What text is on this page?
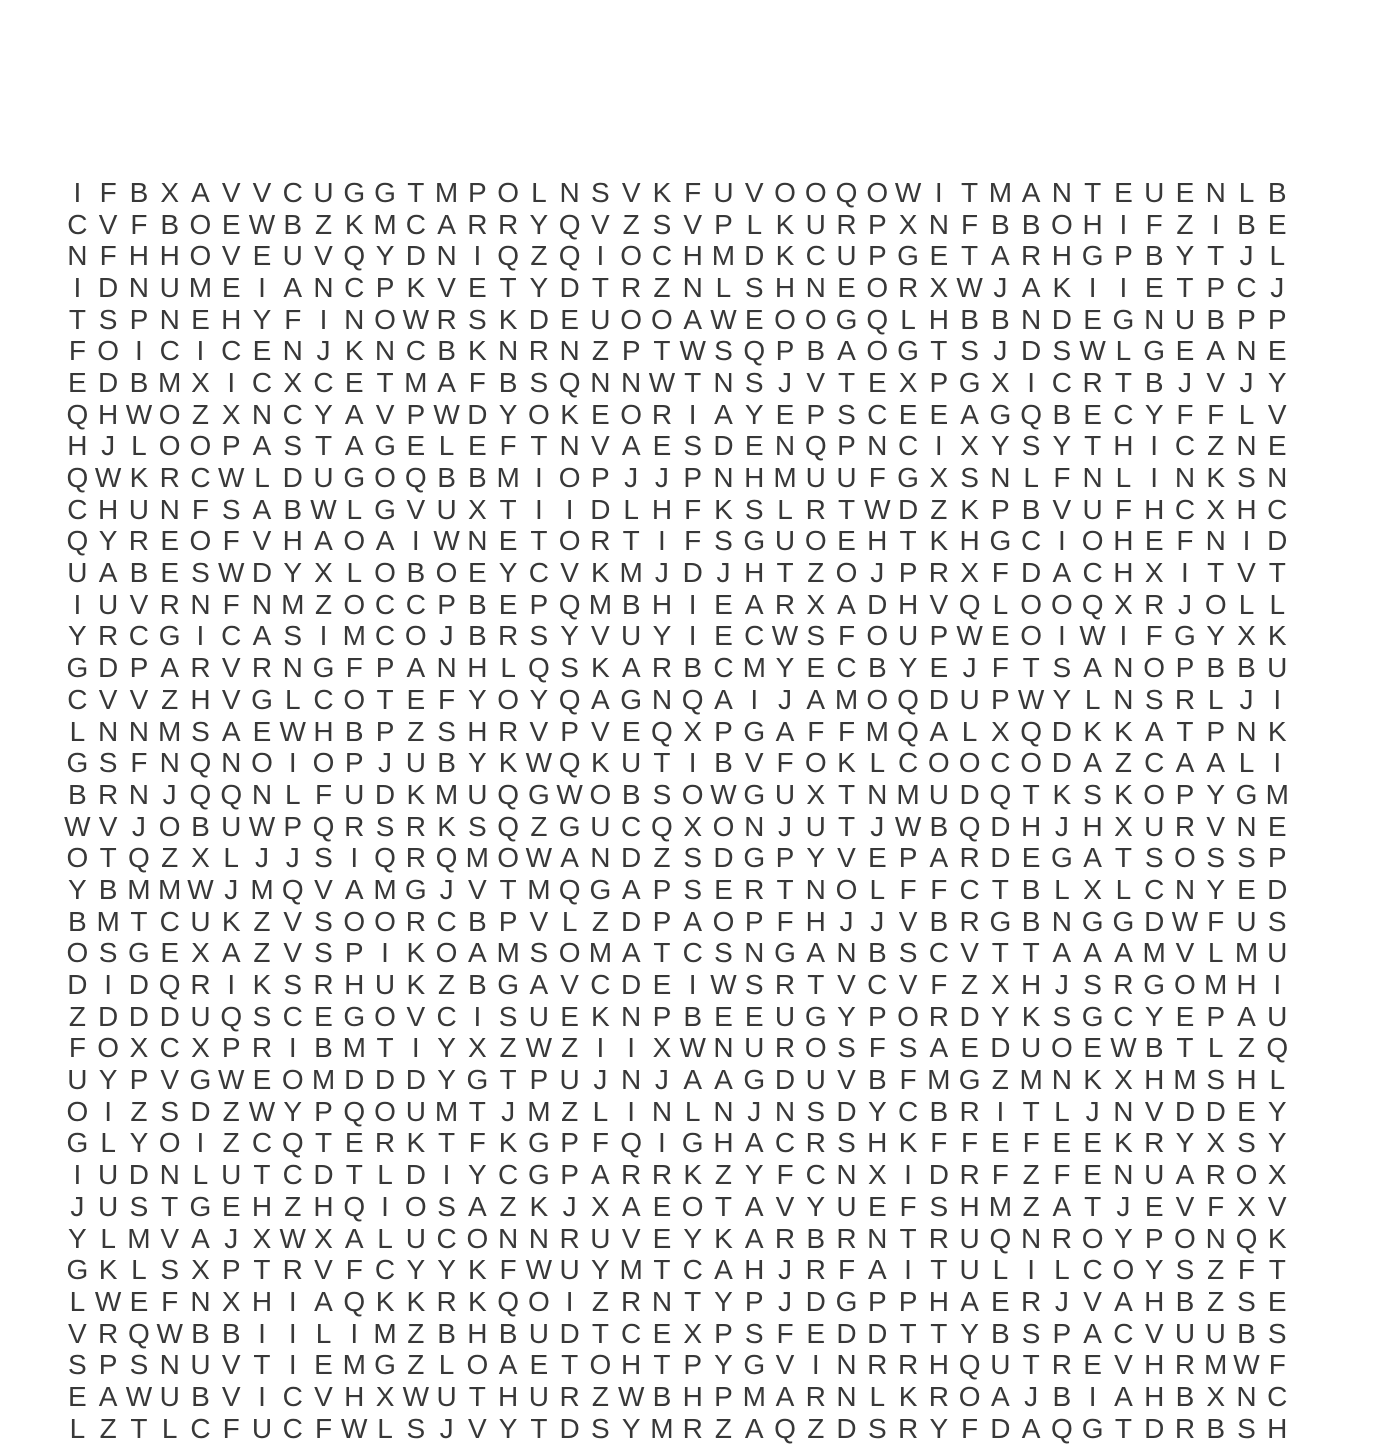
I F B X A V V C U G G T M P O L N S V K F U V O O Q O W I T M A N T E U E N L B
C V F B O E W B Z K M C A R R Y Q V Z S V P L K U R P X N F B B O H I F Z I B E
N F H H O V E U V Q Y D N I Q Z Q I O C H M D K C U P G E T A R H G P B Y T J L
I D N U M E I A N C P K V E T Y D T R Z N L S H N E O R X W J A K I I E T P C J
T S P N E H Y F I N O W R S K D E U O O A W E O O G Q L H B B N D E G N U B P P
F O I C I C E N J K N C B K N R N Z P T W S Q P B A O G T S J D S W L G E A N E
E D B M X I C X C E T M A F B S Q N N W T N S J V T E X P G X I C R T B J V J Y
Q H W O Z X N C Y A V P W D Y O K E O R I A Y E P S C E E A G Q B E C Y F F L V
H J L O O P A S T A G E L E F T N V A E S D E N Q P N C I X Y S Y T H I C Z N E
Q W K R C W L D U G O Q B B M I O P J J P N H M U U F G X S N L F N L I N K S N
C H U N F S A B W L G V U X T I I D L H F K S L R T W D Z K P B V U F H C X H C
Q Y R E O F V H A O A I W N E T O R T I F S G U O E H T K H G C I O H E F N I D
U A B E S W D Y X L O B O E Y C V K M J D J H T Z O J P R X F D A C H X I T V T
I U V R N F N M Z O C C P B E P Q M B H I E A R X A D H V Q L O O Q X R J O L L
Y R C G I C A S I M C O J B R S Y V U Y I E C W S F O U P W E O I W I F G Y X K
G D P A R V R N G F P A N H L Q S K A R B C M Y E C B Y E J F T S A N O P B B U
C V V Z H V G L C O T E F Y O Y Q A G N Q A I J A M O Q D U P W Y L N S R L J I
L N N M S A E W H B P Z S H R V P V E Q X P G A F F M Q A L X Q D K K A T P N K
G S F N Q N O I O P J U B Y K W Q K U T I B V F O K L C O O C O D A Z C A A L I
B R N J Q Q N L F U D K M U Q G W O B S O W G U X T N M U D Q T K S K O P Y G M
W V J O B U W P Q R S R K S Q Z G U C Q X O N J U T J W B Q D H J H X U R V N E
O T Q Z X L J J S I Q R Q M O W A N D Z S D G P Y V E P A R D E G A T S O S S P
Y B M M W J M Q V A M G J V T M Q G A P S E R T N O L F F C T B L X L C N Y E D
B M T C U K Z V S O O R C B P V L Z D P A O P F H J J V B R G B N G G D W F U S
O S G E X A Z V S P I K O A M S O M A T C S N G A N B S C V T T A A A M V L M U
D I D Q R I K S R H U K Z B G A V C D E I W S R T V C V F Z X H J S R G O M H I
Z D D D U Q S C E G O V C I S U E K N P B E E U G Y P O R D Y K S G C Y E P A U
F O X C X P R I B M T I Y X Z W Z I I X W N U R O S F S A E D U O E W B T L Z Q
U Y P V G W E O M D D D Y G T P U J N J A A G D U V B F M G Z M N K X H M S H L
O I Z S D Z W Y P Q O U M T J M Z L I N L N J N S D Y C B R I T L J N V D D E Y
G L Y O I Z C Q T E R K T F K G P F Q I G H A C R S H K F F E F E E K R Y X S Y
I U D N L U T C D T L D I Y C G P A R R K Z Y F C N X I D R F Z F E N U A R O X
J U S T G E H Z H Q I O S A Z K J X A E O T A V Y U E F S H M Z A T J E V F X V
Y L M V A J X W X A L U C O N N R U V E Y K A R B R N T R U Q N R O Y P O N Q K
G K L S X P T R V F C Y Y K F W U Y M T C A H J R F A I T U L I L C O Y S Z F T
L W E F N X H I A Q K K R K Q O I Z R N T Y P J D G P P H A E R J V A H B Z S E
V R Q W B B I I L I M Z B H B U D T C E X P S F E D D T T Y B S P A C V U U B S
S P S N U V T I E M G Z L O A E T O H T P Y G V I N R R H Q U T R E V H R M W F
E A W U B V I C V H X W U T H U R Z W B H P M A R N L K R O A J B I A H B X N C
L Z T L C F U C F W L S J V Y T D S Y M R Z A Q Z D S R Y F D A Q G T D R B S H
